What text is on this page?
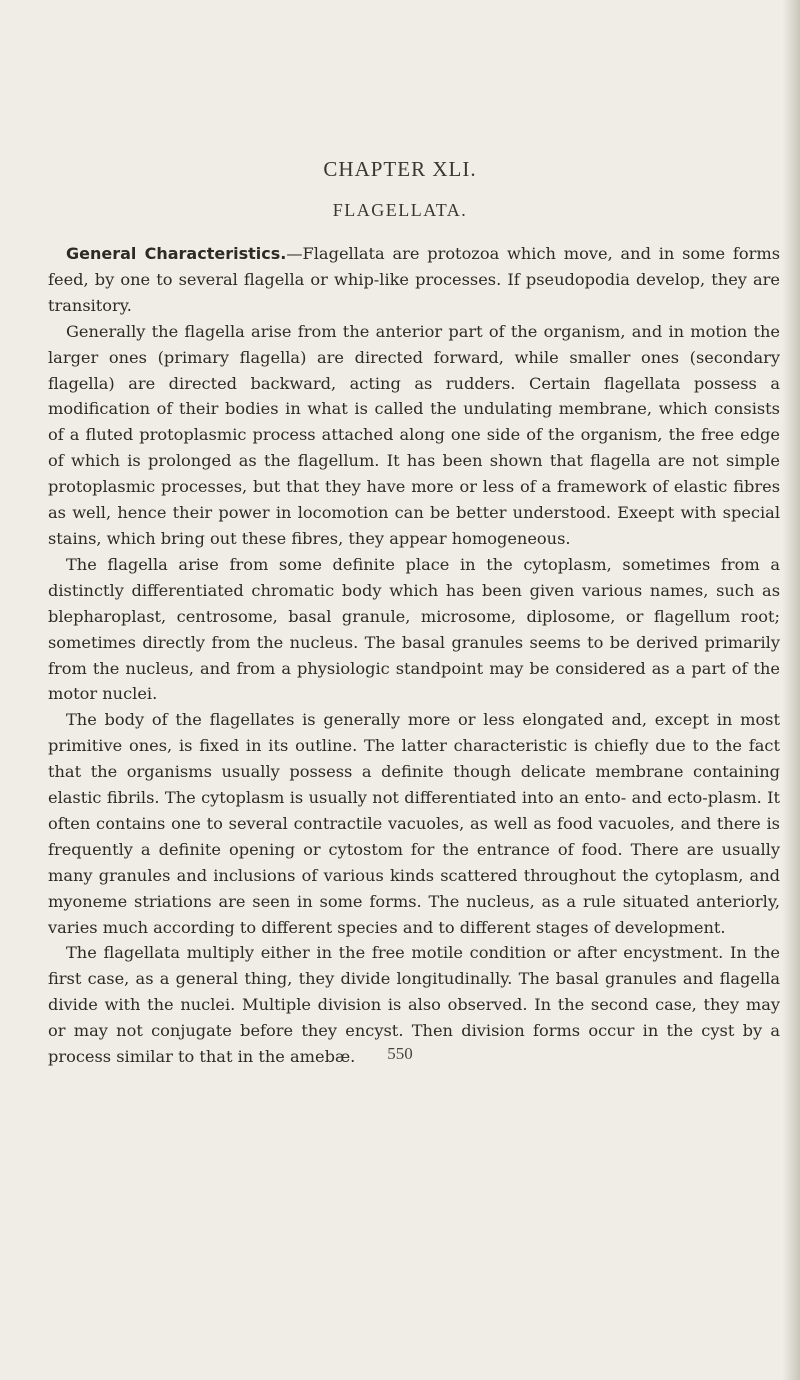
CHAPTER XLI.
FLAGELLATA.

General Characteristics.—Flagellata are protozoa which move, and in some forms feed, by one to several flagella or whip-like processes. If pseudopodia develop, they are transitory.

Generally the flagella arise from the anterior part of the organism, and in motion the larger ones (primary flagella) are directed forward, while smaller ones (secondary flagella) are directed backward, acting as rudders. Certain flagellata possess a modification of their bodies in what is called the undulating membrane, which consists of a fluted protoplasmic process attached along one side of the organism, the free edge of which is prolonged as the flagellum. It has been shown that flagella are not simple protoplasmic processes, but that they have more or less of a framework of elastic fibres as well, hence their power in locomotion can be better understood. Exeept with special stains, which bring out these fibres, they appear homogeneous.

The flagella arise from some definite place in the cytoplasm, sometimes from a distinctly differentiated chromatic body which has been given various names, such as blepharoplast, centrosome, basal granule, microsome, diplosome, or flagellum root; sometimes directly from the nucleus. The basal granules seems to be derived primarily from the nucleus, and from a physiologic standpoint may be considered as a part of the motor nuclei.

The body of the flagellates is generally more or less elongated and, except in most primitive ones, is fixed in its outline. The latter characteristic is chiefly due to the fact that the organisms usually possess a definite though delicate membrane containing elastic fibrils. The cytoplasm is usually not differentiated into an ento- and ecto-plasm. It often contains one to several contractile vacuoles, as well as food vacuoles, and there is frequently a definite opening or cytostom for the entrance of food. There are usually many granules and inclusions of various kinds scattered throughout the cytoplasm, and myoneme striations are seen in some forms. The nucleus, as a rule situated anteriorly, varies much according to different species and to different stages of development.

The flagellata multiply either in the free motile condition or after encystment. In the first case, as a general thing, they divide longitudinally. The basal granules and flagella divide with the nuclei. Multiple division is also observed. In the second case, they may or may not conjugate before they encyst. Then division forms occur in the cyst by a process similar to that in the amebæ.	550
